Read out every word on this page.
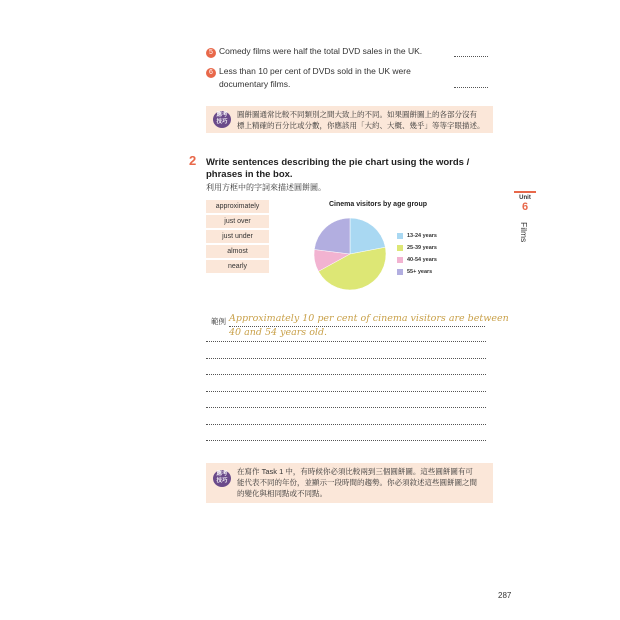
5 Comedy films were half the total DVD sales in the UK.
6 Less than 10 per cent of DVDs sold in the UK were
documentary films.
應考
技巧
圓餅圖通常比較不同類別之間大致上的不同。如果圓餅圖上的各部分沒有
標上精確的百分比或分數，你應該用「大約、大概、幾乎」等等字眼描述。
2 Write sentences describing the pie chart using the words /
phrases in the box.
利用方框中的字詞來描述圓餅圖。
Unit
6
Films
approximately
just over
just under
almost
nearly
Cinema visitors by age group
13-24 years
25-39 years
40-54 years
55+ years
範例 Approximately 10 per cent of cinema visitors are between
40 and 54 years old.
應考
技巧
在寫作 Task 1 中，有時候你必須比較兩到三個圓餅圖。這些圓餅圖有可
能代表不同的年份，並顯示一段時間的趨勢。你必須敘述這些圓餅圖之間
的變化與相同點或不同點。
287
